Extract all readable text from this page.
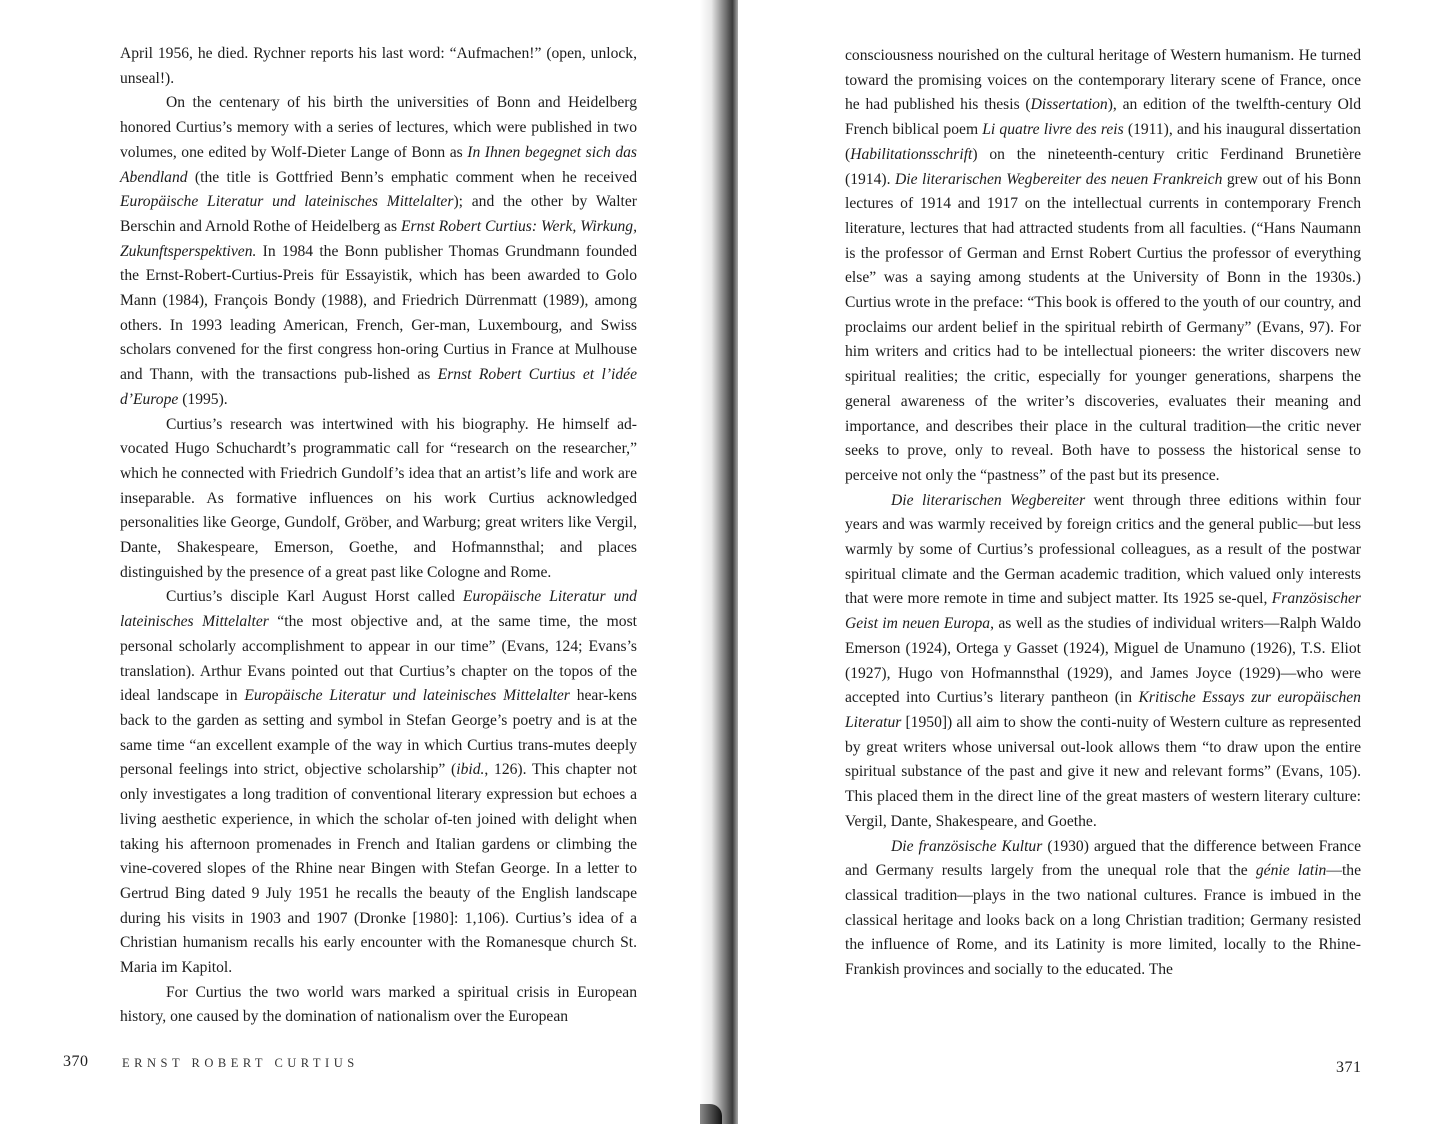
April 1956, he died. Rychner reports his last word: “Aufmachen!” (open, unlock, unseal!).

On the centenary of his birth the universities of Bonn and Heidelberg honored Curtius’s memory with a series of lectures, which were published in two volumes, one edited by Wolf-Dieter Lange of Bonn as In Ihnen begegnet sich das Abendland (the title is Gottfried Benn’s emphatic comment when he received Europäische Literatur und lateinisches Mittelalter); and the other by Walter Berschin and Arnold Rothe of Heidelberg as Ernst Robert Curtius: Werk, Wirkung, Zukunftsperspektiven. In 1984 the Bonn publisher Thomas Grundmann founded the Ernst-Robert-Curtius-Preis für Essayistik, which has been awarded to Golo Mann (1984), François Bondy (1988), and Friedrich Dürrenmatt (1989), among others. In 1993 leading American, French, Ger-man, Luxembourg, and Swiss scholars convened for the first congress hon-oring Curtius in France at Mulhouse and Thann, with the transactions pub-lished as Ernst Robert Curtius et l’idée d’Europe (1995).

Curtius’s research was intertwined with his biography. He himself ad-vocated Hugo Schuchardt’s programmatic call for “research on the researcher,” which he connected with Friedrich Gundolf’s idea that an artist’s life and work are inseparable. As formative influences on his work Curtius acknowledged personalities like George, Gundolf, Gröber, and Warburg; great writers like Vergil, Dante, Shakespeare, Emerson, Goethe, and Hofmannsthal; and places distinguished by the presence of a great past like Cologne and Rome.

Curtius’s disciple Karl August Horst called Europäische Literatur und lateinisches Mittelalter “the most objective and, at the same time, the most personal scholarly accomplishment to appear in our time” (Evans, 124; Evans’s translation). Arthur Evans pointed out that Curtius’s chapter on the topos of the ideal landscape in Europäische Literatur und lateinisches Mittelalter hear-kens back to the garden as setting and symbol in Stefan George’s poetry and is at the same time “an excellent example of the way in which Curtius trans-mutes deeply personal feelings into strict, objective scholarship” (ibid., 126). This chapter not only investigates a long tradition of conventional literary expression but echoes a living aesthetic experience, in which the scholar of-ten joined with delight when taking his afternoon promenades in French and Italian gardens or climbing the vine-covered slopes of the Rhine near Bingen with Stefan George. In a letter to Gertrud Bing dated 9 July 1951 he recalls the beauty of the English landscape during his visits in 1903 and 1907 (Dronke [1980]: 1,106). Curtius’s idea of a Christian humanism recalls his early encounter with the Romanesque church St. Maria im Kapitol.

For Curtius the two world wars marked a spiritual crisis in European history, one caused by the domination of nationalism over the European

370	ERNST ROBERT CURTIUS

consciousness nourished on the cultural heritage of Western humanism. He turned toward the promising voices on the contemporary literary scene of France, once he had published his thesis (Dissertation), an edition of the twelfth-century Old French biblical poem Li quatre livre des reis (1911), and his inaugural dissertation (Habilitationsschrift) on the nineteenth-century critic Ferdinand Brunetière (1914). Die literarischen Wegbereiter des neuen Frankreich grew out of his Bonn lectures of 1914 and 1917 on the intellectual currents in contemporary French literature, lectures that had attracted students from all faculties. (“Hans Naumann is the professor of German and Ernst Robert Curtius the professor of everything else” was a saying among students at the University of Bonn in the 1930s.) Curtius wrote in the preface: “This book is offered to the youth of our country, and proclaims our ardent belief in the spiritual rebirth of Germany” (Evans, 97). For him writers and critics had to be intellectual pioneers: the writer discovers new spiritual realities; the critic, especially for younger generations, sharpens the general awareness of the writer’s discoveries, evaluates their meaning and importance, and describes their place in the cultural tradition—the critic never seeks to prove, only to reveal. Both have to possess the historical sense to perceive not only the “pastness” of the past but its presence.

Die literarischen Wegbereiter went through three editions within four years and was warmly received by foreign critics and the general public—but less warmly by some of Curtius’s professional colleagues, as a result of the postwar spiritual climate and the German academic tradition, which valued only interests that were more remote in time and subject matter. Its 1925 se-quel, Französischer Geist im neuen Europa, as well as the studies of individual writers—Ralph Waldo Emerson (1924), Ortega y Gasset (1924), Miguel de Unamuno (1926), T.S. Eliot (1927), Hugo von Hofmannsthal (1929), and James Joyce (1929)—who were accepted into Curtius’s literary pantheon (in Kritische Essays zur europäischen Literatur [1950]) all aim to show the conti-nuity of Western culture as represented by great writers whose universal out-look allows them “to draw upon the entire spiritual substance of the past and give it new and relevant forms” (Evans, 105). This placed them in the direct line of the great masters of western literary culture: Vergil, Dante, Shakespeare, and Goethe.

Die französische Kultur (1930) argued that the difference between France and Germany results largely from the unequal role that the génie latin—the classical tradition—plays in the two national cultures. France is imbued in the classical heritage and looks back on a long Christian tradition; Germany resisted the influence of Rome, and its Latinity is more limited, locally to the Rhine-Frankish provinces and socially to the educated. The

371
